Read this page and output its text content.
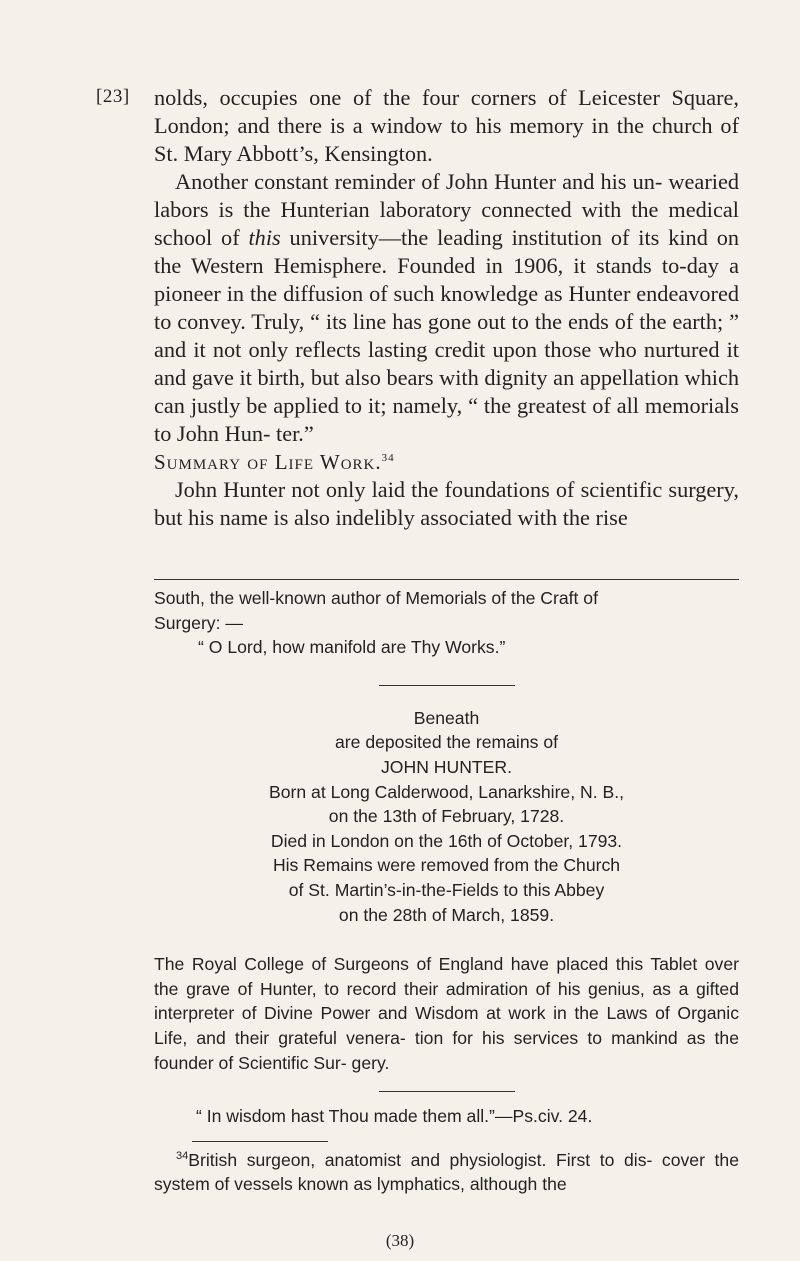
[23] nolds, occupies one of the four corners of Leicester Square, London; and there is a window to his memory in the church of St. Mary Abbott’s, Kensington.

Another constant reminder of John Hunter and his un- wearied labors is the Hunterian laboratory connected with the medical school of this university—the leading institution of its kind on the Western Hemisphere. Founded in 1906, it stands to-day a pioneer in the diffusion of such knowledge as Hunter endeavored to convey. Truly, “ its line has gone out to the ends of the earth; ” and it not only reflects lasting credit upon those who nurtured it and gave it birth, but also bears with dignity an appellation which can justly be applied to it; namely, “ the greatest of all memorials to John Hun- ter.”

Summary of Life Work.$^{34}$

John Hunter not only laid the foundations of scientific surgery, but his name is also indelibly associated with the rise

South, the well-known author of Memorials of the Craft of

Surgery: —

“ O Lord, how manifold are Thy Works.”

Beneath

are deposited the remains of

JOHN HUNTER.

Born at Long Calderwood, Lanarkshire, N. B.,

on the 13th of February, 1728.

Died in London on the 16th of October, 1793.

His Remains were removed from the Church

of St. Martin’s-in-the-Fields to this Abbey

on the 28th of March, 1859.

The Royal College of Surgeons of England have placed this Tablet over the grave of Hunter, to record their admiration of his genius, as a gifted interpreter of Divine Power and Wisdom at work in the Laws of Organic Life, and their grateful venera- tion for his services to mankind as the founder of Scientific Sur- gery.

“ In wisdom hast Thou made them all.”—Ps.civ. 24.

$^{34}$British surgeon, anatomist and physiologist. First to dis- cover the system of vessels known as lymphatics, although the

(38)
